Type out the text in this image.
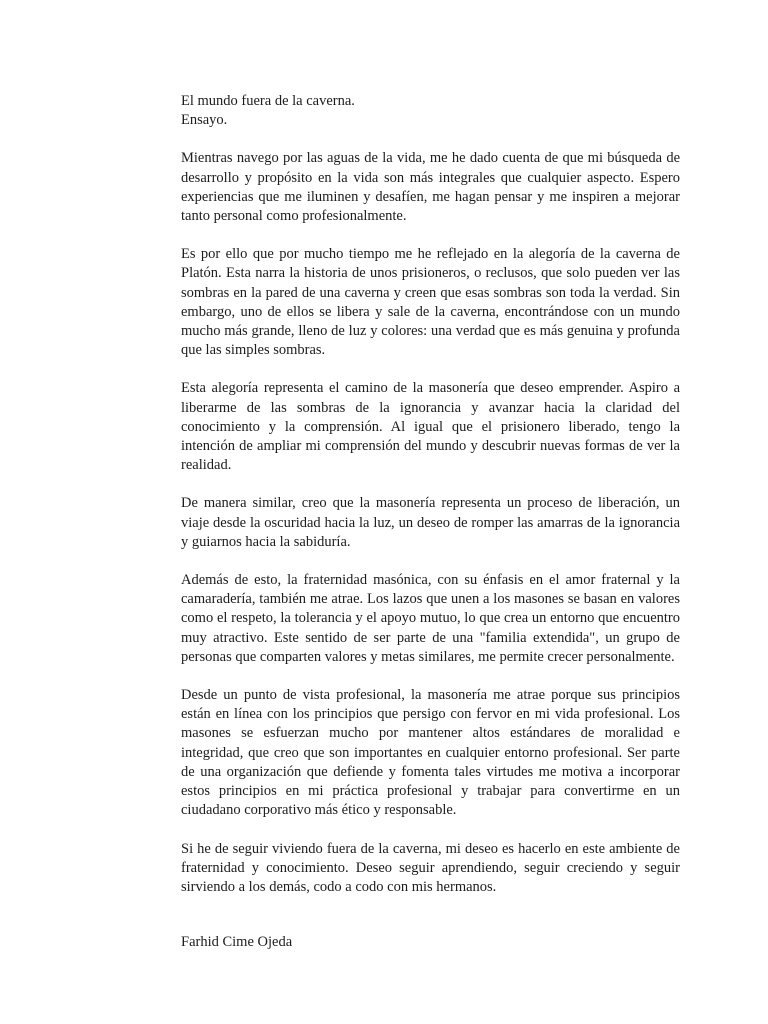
El mundo fuera de la caverna.
Ensayo.

Mientras navego por las aguas de la vida, me he dado cuenta de que mi búsqueda de desarrollo y propósito en la vida son más integrales que cualquier aspecto. Espero experiencias que me iluminen y desafíen, me hagan pensar y me inspiren a mejorar tanto personal como profesionalmente.

Es por ello que por mucho tiempo me he reflejado en la alegoría de la caverna de Platón. Esta narra la historia de unos prisioneros, o reclusos, que solo pueden ver las sombras en la pared de una caverna y creen que esas sombras son toda la verdad. Sin embargo, uno de ellos se libera y sale de la caverna, encontrándose con un mundo mucho más grande, lleno de luz y colores: una verdad que es más genuina y profunda que las simples sombras.

Esta alegoría representa el camino de la masonería que deseo emprender. Aspiro a liberarme de las sombras de la ignorancia y avanzar hacia la claridad del conocimiento y la comprensión. Al igual que el prisionero liberado, tengo la intención de ampliar mi comprensión del mundo y descubrir nuevas formas de ver la realidad.

De manera similar, creo que la masonería representa un proceso de liberación, un viaje desde la oscuridad hacia la luz, un deseo de romper las amarras de la ignorancia y guiarnos hacia la sabiduría.

Además de esto, la fraternidad masónica, con su énfasis en el amor fraternal y la camaradería, también me atrae. Los lazos que unen a los masones se basan en valores como el respeto, la tolerancia y el apoyo mutuo, lo que crea un entorno que encuentro muy atractivo. Este sentido de ser parte de una "familia extendida", un grupo de personas que comparten valores y metas similares, me permite crecer personalmente.

Desde un punto de vista profesional, la masonería me atrae porque sus principios están en línea con los principios que persigo con fervor en mi vida profesional. Los masones se esfuerzan mucho por mantener altos estándares de moralidad e integridad, que creo que son importantes en cualquier entorno profesional. Ser parte de una organización que defiende y fomenta tales virtudes me motiva a incorporar estos principios en mi práctica profesional y trabajar para convertirme en un ciudadano corporativo más ético y responsable.

Si he de seguir viviendo fuera de la caverna, mi deseo es hacerlo en este ambiente de fraternidad y conocimiento. Deseo seguir aprendiendo, seguir creciendo y seguir sirviendo a los demás, codo a codo con mis hermanos.

Farhid Cime Ojeda
